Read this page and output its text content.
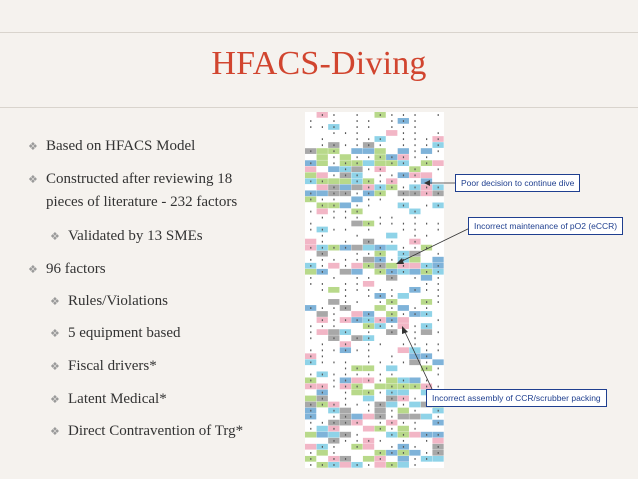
HFACS-Diving
❖ Based on HFACS Model
❖ Constructed after reviewing 18
pieces of literature - 232 factors
❖ Validated by 13 SMEs
❖ 96 factors
❖ Rules/Violations
❖ 5 equipment based
❖ Fiscal drivers*
❖ Latent Medical*
❖ Direct Contravention of Trg*
Poor decision to continue dive
Incorrect maintenance of pO2 (eCCR)
Incorrect assembly of CCR/scrubber packing
